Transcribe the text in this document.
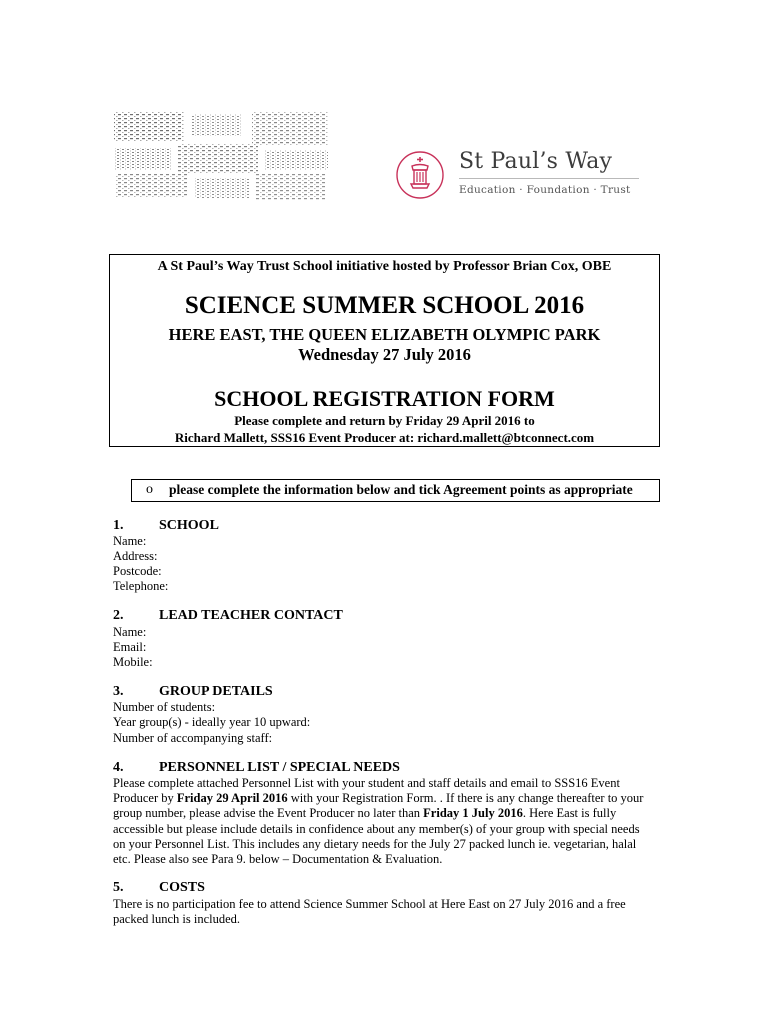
St Paul’s Way
Education · Foundation · Trust
A St Paul’s Way Trust School initiative hosted by Professor Brian Cox, OBE
SCIENCE SUMMER SCHOOL 2016
HERE EAST, THE QUEEN ELIZABETH OLYMPIC PARK
Wednesday 27 July 2016
SCHOOL REGISTRATION FORM
Please complete and return by Friday 29 April 2016 to
Richard Mallett, SSS16 Event Producer at: richard.mallett@btconnect.com
o please complete the information below and tick Agreement points as appropriate
1.	SCHOOL
Name:
Address:
Postcode:
Telephone:
2.	LEAD TEACHER CONTACT
Name:
Email:
Mobile:
3.	GROUP DETAILS
Number of students:
Year group(s) - ideally year 10 upward:
Number of accompanying staff:
4.	PERSONNEL LIST / SPECIAL NEEDS
Please complete attached Personnel List with your student and staff details and email to SSS16 Event
Producer by Friday 29 April 2016 with your Registration Form. . If there is any change thereafter to your
group number, please advise the Event Producer no later than Friday 1 July 2016. Here East is fully
accessible but please include details in confidence about any member(s) of your group with special needs
on your Personnel List. This includes any dietary needs for the July 27 packed lunch ie. vegetarian, halal
etc. Please also see Para 9. below – Documentation & Evaluation.
5.	COSTS
There is no participation fee to attend Science Summer School at Here East on 27 July 2016 and a free
packed lunch is included.
